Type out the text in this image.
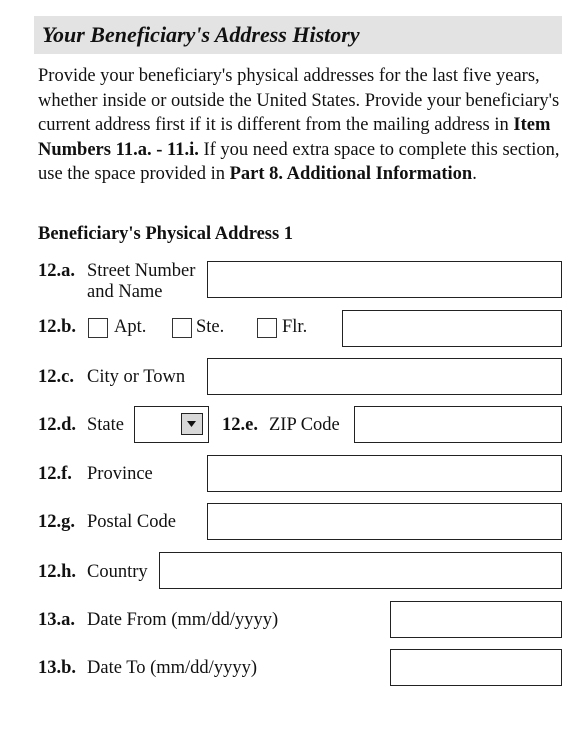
Your Beneficiary's Address History

Provide your beneficiary's physical addresses for the last five years, whether inside or outside the United States. Provide your beneficiary's current address first if it is different from the mailing address in Item Numbers 11.a. - 11.i. If you need extra space to complete this section, use the space provided in Part 8. Additional Information.

Beneficiary's Physical Address 1
12.a. Street Number
and Name
12.b. Apt.	Ste.	Flr.
12.c. City or Town
12.d. State	12.e. ZIP Code
12.f. Province
12.g. Postal Code
12.h. Country
13.a. Date From (mm/dd/yyyy)
13.b. Date To (mm/dd/yyyy)
